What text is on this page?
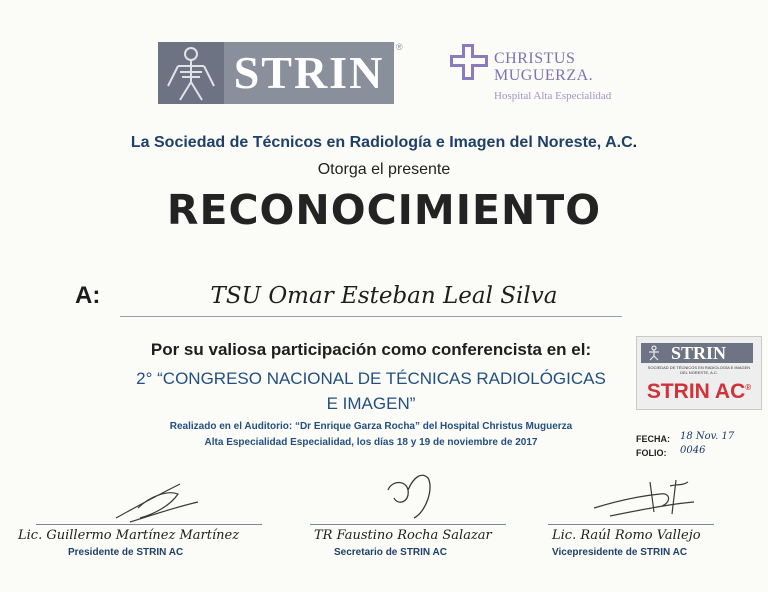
STRIN	®
CHRISTUS
MUGUERZA.
Hospital Alta Especialidad
La Sociedad de Técnicos en Radiología e Imagen del Noreste, A.C.
Otorga el presente
RECONOCIMIENTO
A:	TSU Omar Esteban Leal Silva
Por su valiosa participación como conferencista en el:
2° “CONGRESO NACIONAL DE TÉCNICAS RADIOLÓGICAS
E IMAGEN”
Realizado en el Auditorio: “Dr Enrique Garza Rocha” del Hospital Christus Muguerza
Alta Especialidad Especialidad, los días 18 y 19 de noviembre de 2017
STRIN
SOCIEDAD DE TÉCNICOS EN RADIOLOGÍA E IMAGEN
DEL NORESTE, A.C.
STRIN AC®
FECHA:
FOLIO:
18 Nov. 17
0046
Lic. Guillermo Martínez Martínez
Presidente de STRIN AC
TR Faustino Rocha Salazar
Secretario de STRIN AC
Lic. Raúl Romo Vallejo
Vicepresidente de STRIN AC
